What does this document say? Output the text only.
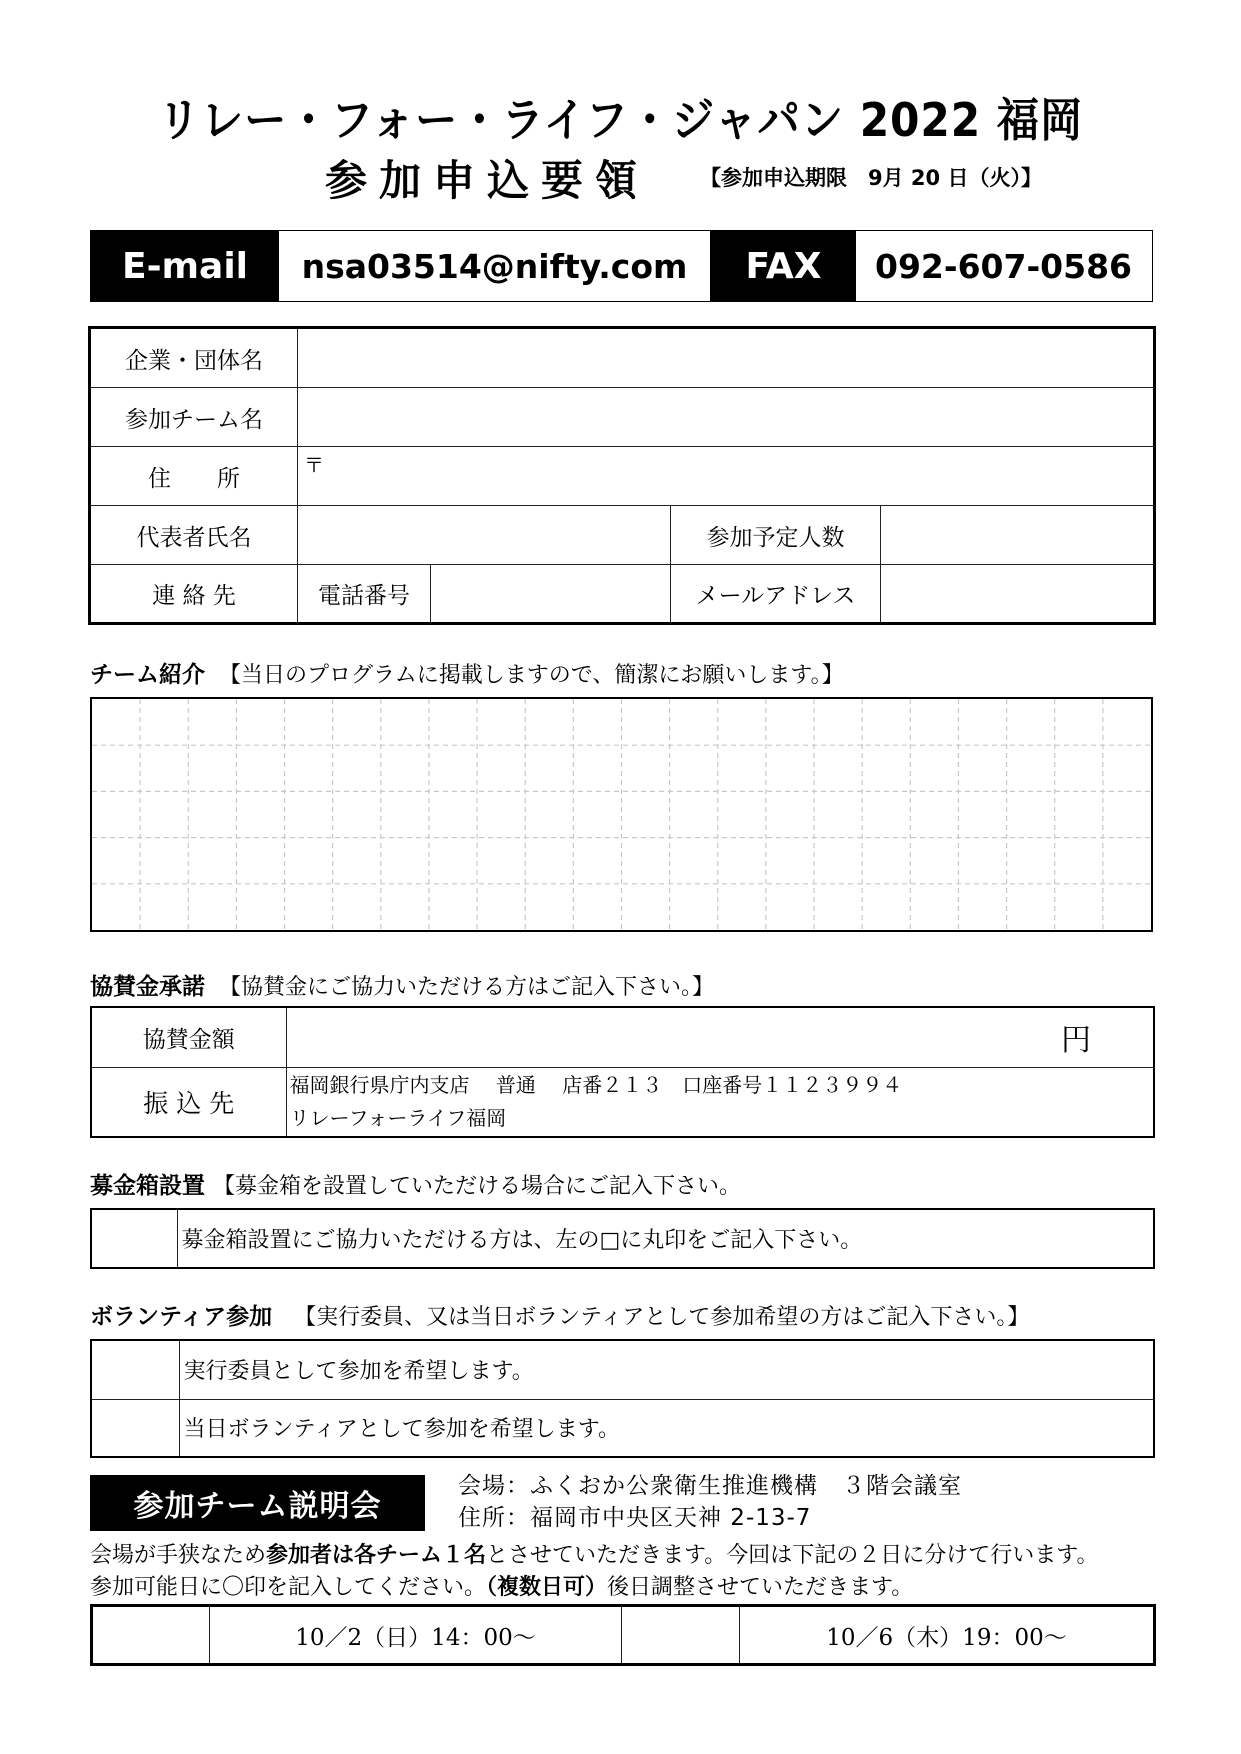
リレー・フォー・ライフ・ジャパン 2022 福岡
参加申込要領 【参加申込期限　9月 20 日（火）】
E-mail	nsa03514@nifty.com	FAX	092-607-0586
企業・団体名				
参加チーム名				
住　　所	〒			
代表者氏名			参加予定人数	
連 絡 先	電話番号		メールアドレス	
チーム紹介 【当日のプログラムに掲載しますので、簡潔にお願いします。】
協賛金承諾 【協賛金にご協力いただける方はご記入下さい。】
協賛金額	円
振 込 先	福岡銀行県庁内支店　 普通　 店番２１３　口座番号１１２３９９４
リレーフォーライフ福岡
募金箱設置 【募金箱を設置していただける場合にご記入下さい。
	募金箱設置にご協力いただける方は、左の□に丸印をご記入下さい。
ボランティア参加 【実行委員、又は当日ボランティアとして参加希望の方はご記入下さい。】
	実行委員として参加を希望します。
	当日ボランティアとして参加を希望します。
参加チーム説明会
会場：ふくおか公衆衛生推進機構　３階会議室
住所：福岡市中央区天神 2-13-7
会場が手狭なため参加者は各チーム１名とさせていただきます。今回は下記の２日に分けて行います。
参加可能日に〇印を記入してください。（複数日可）後日調整させていただきます。
	10／2（日）14：00～		10／6（木）19：00～
